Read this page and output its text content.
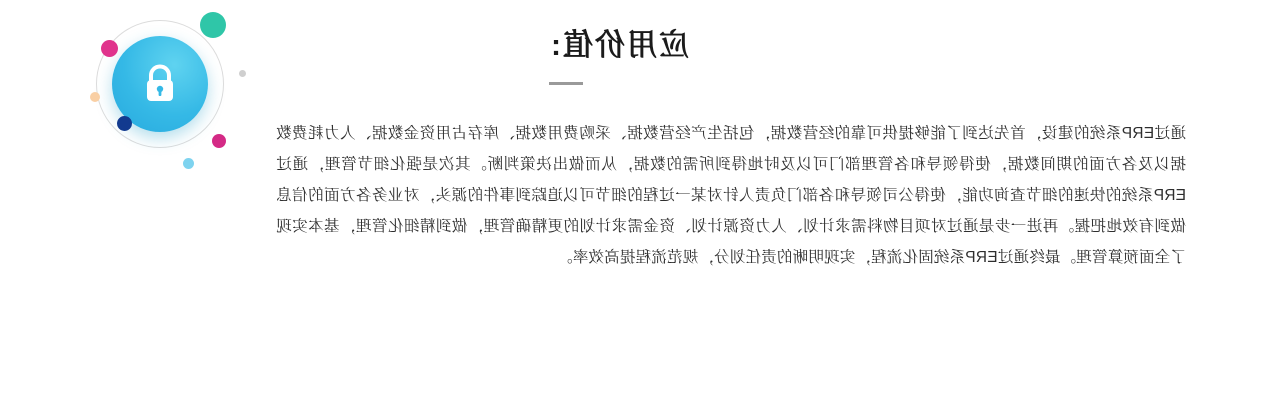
应用价值:

通过ERP系统的建设，首先达到了能够提供可靠的经营数据，包括生产经营数据、采购费用数据、库存占用资金数据、人力耗费数据以及各方面的期间数据，使得领导和各管理部门可以及时地得到所需的数据，从而做出决策判断。其次是强化细节管理，通过ERP系统的快速的细节查询功能，使得公司领导和各部门负责人针对某一过程的细节可以追踪到事件的源头，对业务各方面的信息做到有效地把握。再进一步是通过对项目物料需求计划、人力资源计划、资金需求计划的更精确管理，做到精细化管理，基本实现了全面预算管理。最终通过ERP系统固化流程，实现明晰的责任划分，规范流程提高效率。
